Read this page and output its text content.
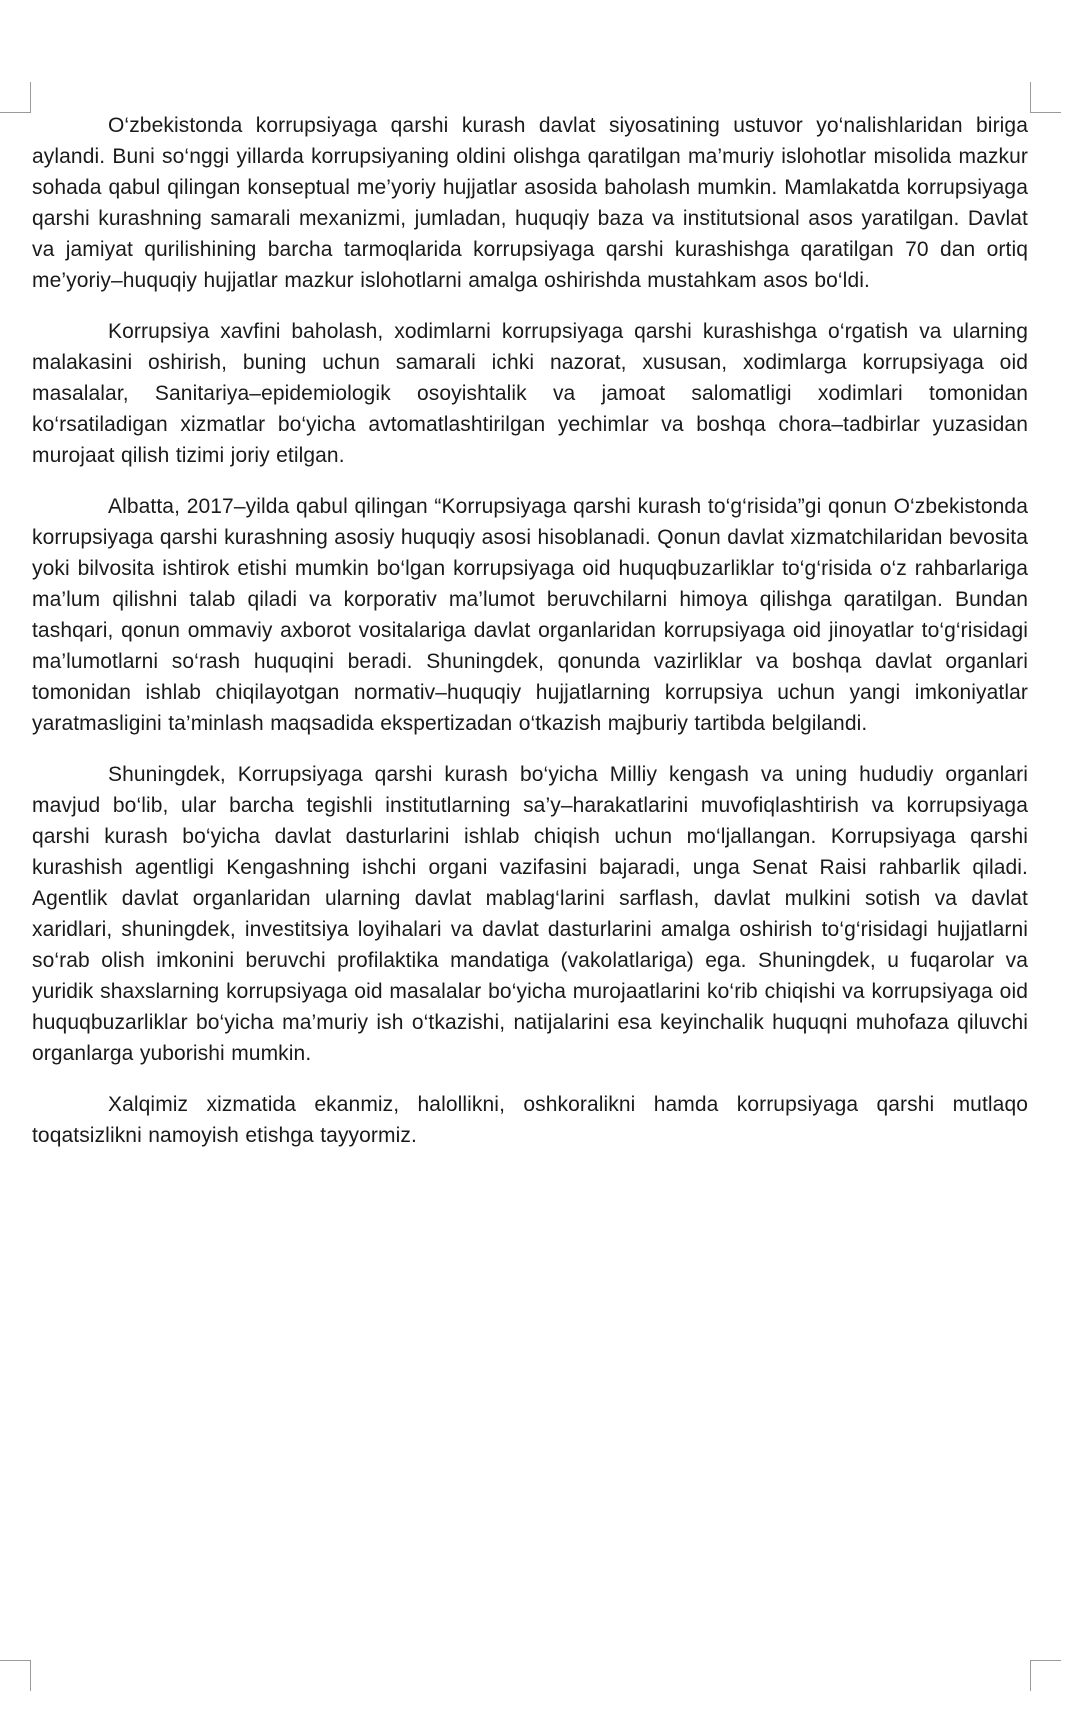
O‘zbekistonda korrupsiyaga qarshi kurash davlat siyosatining ustuvor yo‘nalishlaridan biriga aylandi. Buni so‘nggi yillarda korrupsiyaning oldini olishga qaratilgan ma’muriy islohotlar misolida mazkur sohada qabul qilingan konseptual me’yoriy hujjatlar asosida baholash mumkin. Mamlakatda korrupsiyaga qarshi kurashning samarali mexanizmi, jumladan, huquqiy baza va institutsional asos yaratilgan. Davlat va jamiyat qurilishining barcha tarmoqlarida korrupsiyaga qarshi kurashishga qaratilgan 70 dan ortiq me’yoriy–huquqiy hujjatlar mazkur islohotlarni amalga oshirishda mustahkam asos bo‘ldi.

Korrupsiya xavfini baholash, xodimlarni korrupsiyaga qarshi kurashishga o‘rgatish va ularning malakasini oshirish, buning uchun samarali ichki nazorat, xususan, xodimlarga korrupsiyaga oid masalalar, Sanitariya–epidemiologik osoyishtalik va jamoat salomatligi xodimlari tomonidan ko‘rsatiladigan xizmatlar bo‘yicha avtomatlashtirilgan yechimlar va boshqa chora–tadbirlar yuzasidan murojaat qilish tizimi joriy etilgan.

Albatta, 2017–yilda qabul qilingan “Korrupsiyaga qarshi kurash to‘g‘risida”gi qonun O‘zbekistonda korrupsiyaga qarshi kurashning asosiy huquqiy asosi hisoblanadi. Qonun davlat xizmatchilaridan bevosita yoki bilvosita ishtirok etishi mumkin bo‘lgan korrupsiyaga oid huquqbuzarliklar to‘g‘risida o‘z rahbarlariga ma’lum qilishni talab qiladi va korporativ ma’lumot beruvchilarni himoya qilishga qaratilgan. Bundan tashqari, qonun ommaviy axborot vositalariga davlat organlaridan korrupsiyaga oid jinoyatlar to‘g‘risidagi ma’lumotlarni so‘rash huquqini beradi. Shuningdek, qonunda vazirliklar va boshqa davlat organlari tomonidan ishlab chiqilayotgan normativ–huquqiy hujjatlarning korrupsiya uchun yangi imkoniyatlar yaratmasligini ta’minlash maqsadida ekspertizadan o‘tkazish majburiy tartibda belgilandi.

Shuningdek, Korrupsiyaga qarshi kurash bo‘yicha Milliy kengash va uning hududiy organlari mavjud bo‘lib, ular barcha tegishli institutlarning sa’y–harakatlarini muvofiqlashtirish va korrupsiyaga qarshi kurash bo‘yicha davlat dasturlarini ishlab chiqish uchun mo‘ljallangan. Korrupsiyaga qarshi kurashish agentligi Kengashning ishchi organi vazifasini bajaradi, unga Senat Raisi rahbarlik qiladi. Agentlik davlat organlaridan ularning davlat mablag‘larini sarflash, davlat mulkini sotish va davlat xaridlari, shuningdek, investitsiya loyihalari va davlat dasturlarini amalga oshirish to‘g‘risidagi hujjatlarni so‘rab olish imkonini beruvchi profilaktika mandatiga (vakolatlariga) ega. Shuningdek, u fuqarolar va yuridik shaxslarning korrupsiyaga oid masalalar bo‘yicha murojaatlarini ko‘rib chiqishi va korrupsiyaga oid huquqbuzarliklar bo‘yicha ma’muriy ish o‘tkazishi, natijalarini esa keyinchalik huquqni muhofaza qiluvchi organlarga yuborishi mumkin.

Xalqimiz xizmatida ekanmiz, halollikni, oshkoralikni hamda korrupsiyaga qarshi mutlaqo toqatsizlikni namoyish etishga tayyormiz.
